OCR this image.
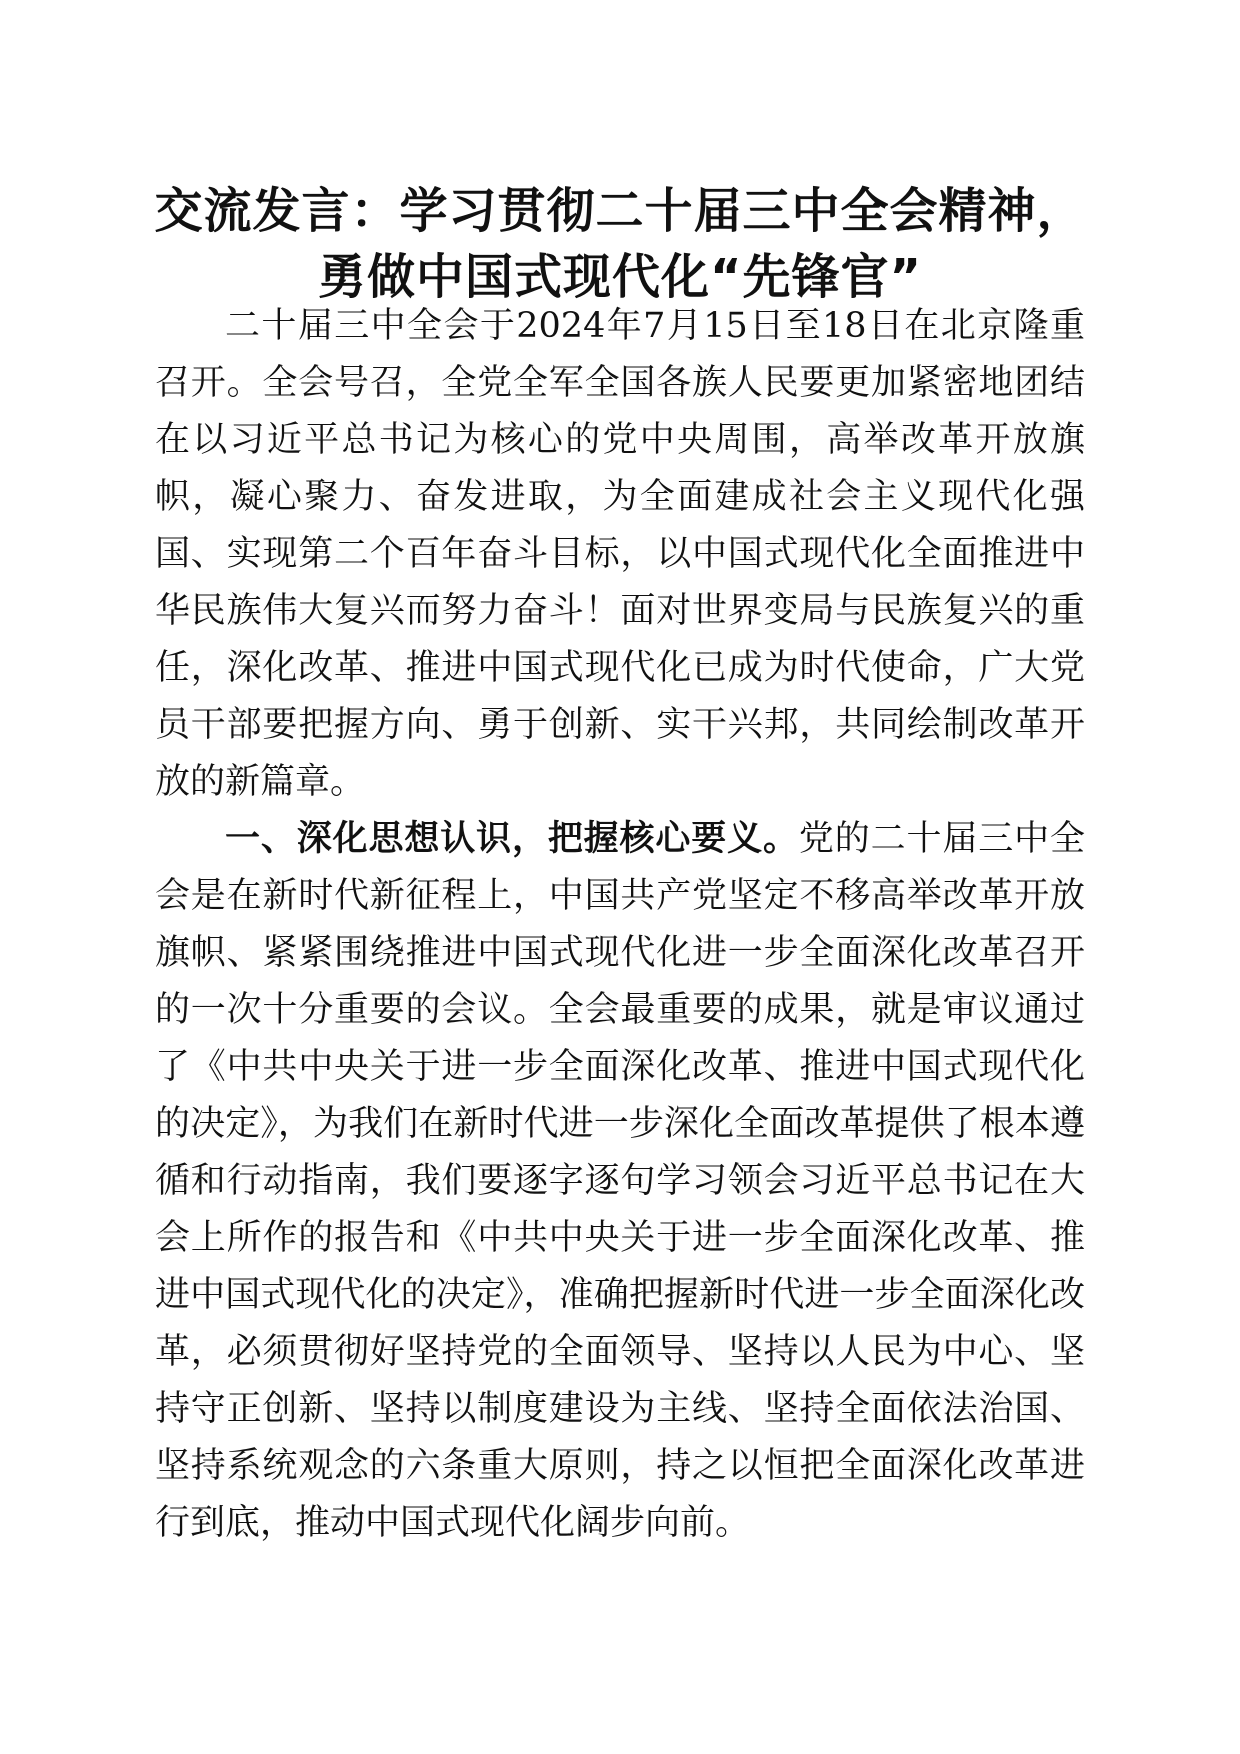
交流发言：学习贯彻二十届三中全会精神，勇做中国式现代化“先锋官”

二十届三中全会于2024年7月15日至18日在北京隆重召开。全会号召，全党全军全国各族人民要更加紧密地团结在以习近平总书记为核心的党中央周围，高举改革开放旗帜，凝心聚力、奋发进取，为全面建成社会主义现代化强国、实现第二个百年奋斗目标，以中国式现代化全面推进中华民族伟大复兴而努力奋斗！面对世界变局与民族复兴的重任，深化改革、推进中国式现代化已成为时代使命，广大党员干部要把握方向、勇于创新、实干兴邦，共同绘制改革开放的新篇章。

一、深化思想认识，把握核心要义。党的二十届三中全会是在新时代新征程上，中国共产党坚定不移高举改革开放旗帜、紧紧围绕推进中国式现代化进一步全面深化改革召开的一次十分重要的会议。全会最重要的成果，就是审议通过了《中共中央关于进一步全面深化改革、推进中国式现代化的决定》，为我们在新时代进一步深化全面改革提供了根本遵循和行动指南，我们要逐字逐句学习领会习近平总书记在大会上所作的报告和《中共中央关于进一步全面深化改革、推进中国式现代化的决定》，准确把握新时代进一步全面深化改革，必须贯彻好坚持党的全面领导、坚持以人民为中心、坚持守正创新、坚持以制度建设为主线、坚持全面依法治国、坚持系统观念的六条重大原则，持之以恒把全面深化改革进行到底，推动中国式现代化阔步向前。
